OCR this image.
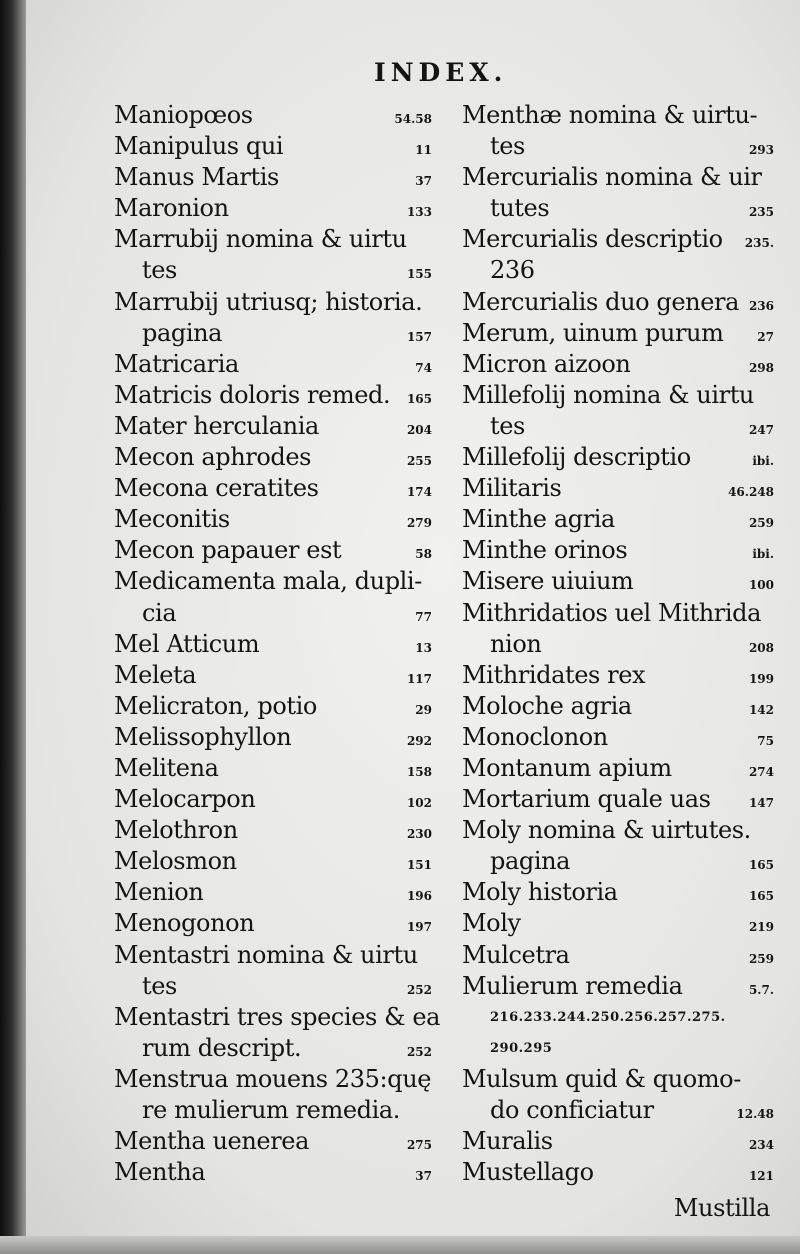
INDEX.
Maniopœos	54.58
Manipulus qui	11
Manus Martis	37
Maronion	133
Marrubij nomina & uirtu
tes	155
Marrubij utriusq; historia.
pagina	157
Matricaria	74
Matricis doloris remed.	165
Mater herculania	204
Mecon aphrodes	255
Mecona ceratites	174
Meconitis	279
Mecon papauer est	58
Medicamenta mala, dupli-
cia	77
Mel Atticum	13
Meleta	117
Melicraton, potio	29
Melissophyllon	292
Melitena	158
Melocarpon	102
Melothron	230
Melosmon	151
Menion	196
Menogonon	197
Mentastri nomina & uirtu
tes	252
Mentastri tres species & ea
rum descript.	252
Menstrua mouens 235:quę
re mulierum remedia.
Mentha uenerea	275
Mentha	37
Menthæ nomina & uirtu-
tes	293
Mercurialis nomina & uir
tutes	235
Mercurialis descriptio	235.
236
Mercurialis duo genera 236
Merum, uinum purum	27
Micron aizoon	298
Millefolij nomina & uirtu
tes	247
Millefolij descriptio	ibi.
Militaris	46.248
Minthe agria	259
Minthe orinos	ibi.
Misere uiuium	100
Mithridatios uel Mithrida
nion	208
Mithridates rex	199
Moloche agria	142
Monoclonon	75
Montanum apium	274
Mortarium quale uas	147
Moly nomina & uirtutes.
pagina	165
Moly historia	165
Moly	219
Mulcetra	259
Mulierum remedia	5.7.
216.233.244.250.256.257.275.
290.295
Mulsum quid & quomo-
do conficiatur	12.48
Muralis	234
Mustellago	121
Mustilla
